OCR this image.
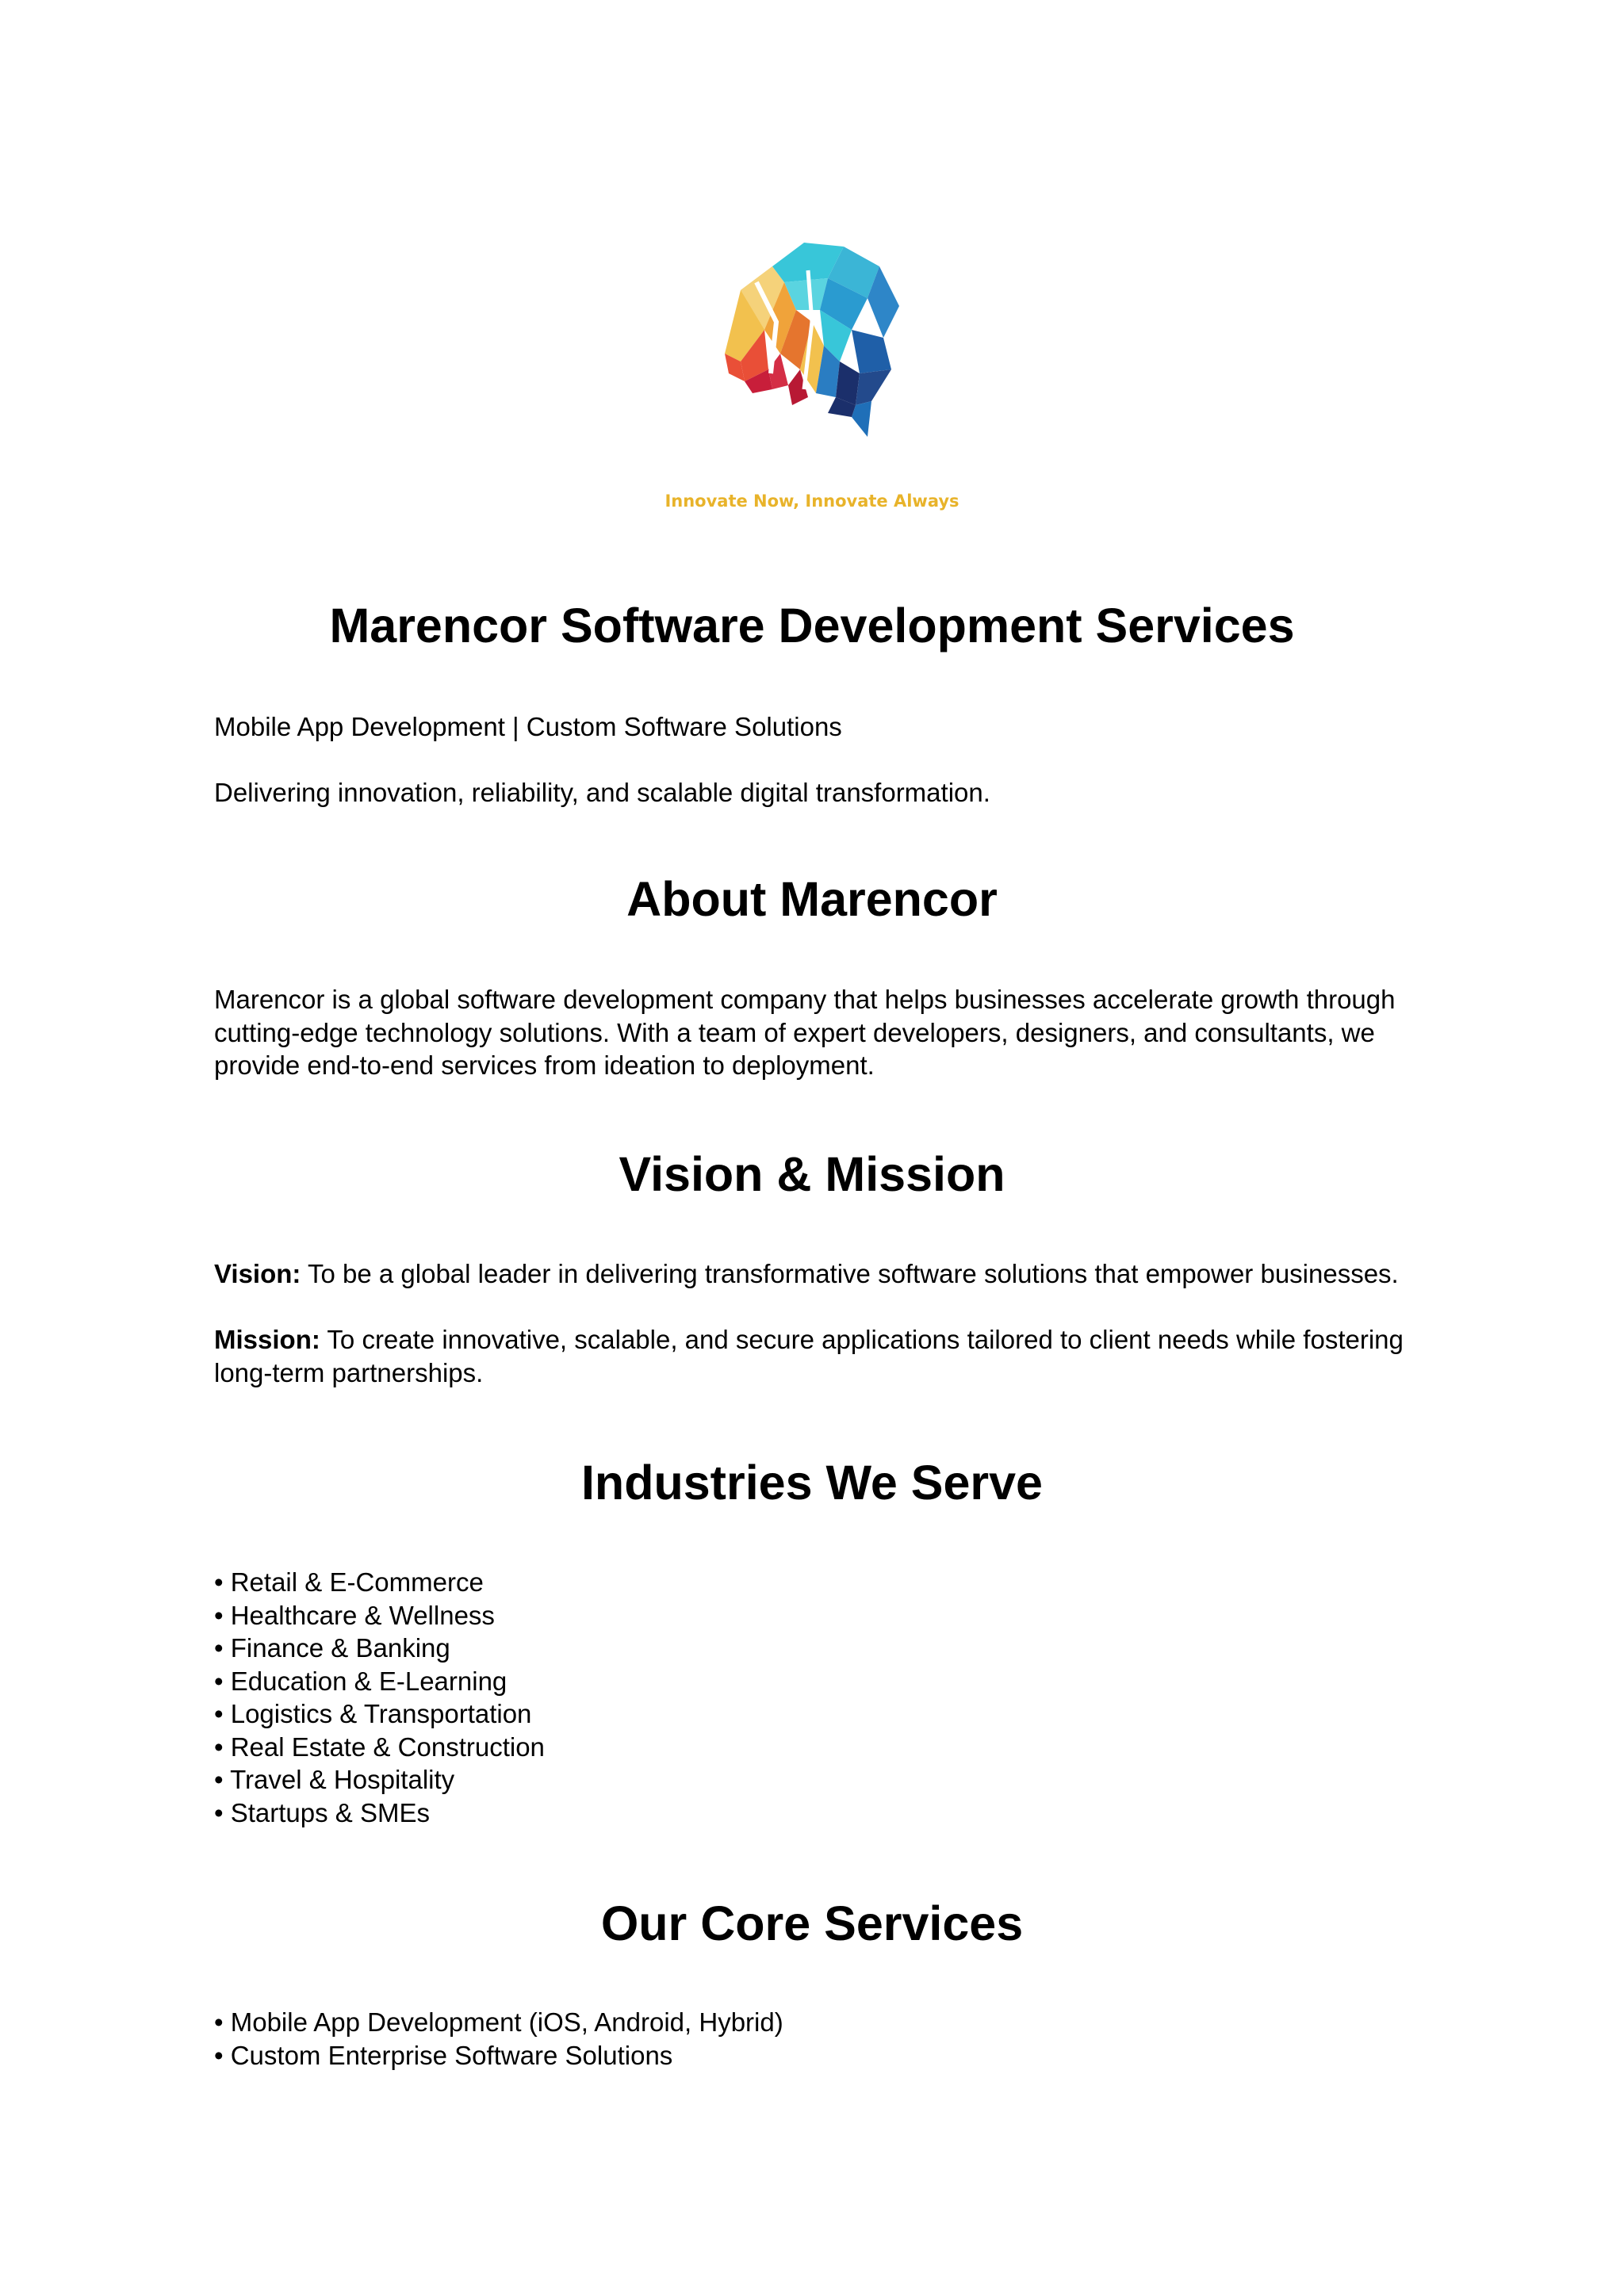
Innovate Now, Innovate Always
Marencor Software Development Services

Mobile App Development | Custom Software Solutions

Delivering innovation, reliability, and scalable digital transformation.

About Marencor

Marencor is a global software development company that helps businesses accelerate growth through cutting-edge technology solutions. With a team of expert developers, designers, and consultants, we provide end-to-end services from ideation to deployment.

Vision & Mission

Vision: To be a global leader in delivering transformative software solutions that empower businesses.

Mission: To create innovative, scalable, and secure applications tailored to client needs while fostering long-term partnerships.

Industries We Serve
• Retail & E-Commerce
• Healthcare & Wellness
• Finance & Banking
• Education & E-Learning
• Logistics & Transportation
• Real Estate & Construction
• Travel & Hospitality
• Startups & SMEs
Our Core Services
• Mobile App Development (iOS, Android, Hybrid)
• Custom Enterprise Software Solutions
